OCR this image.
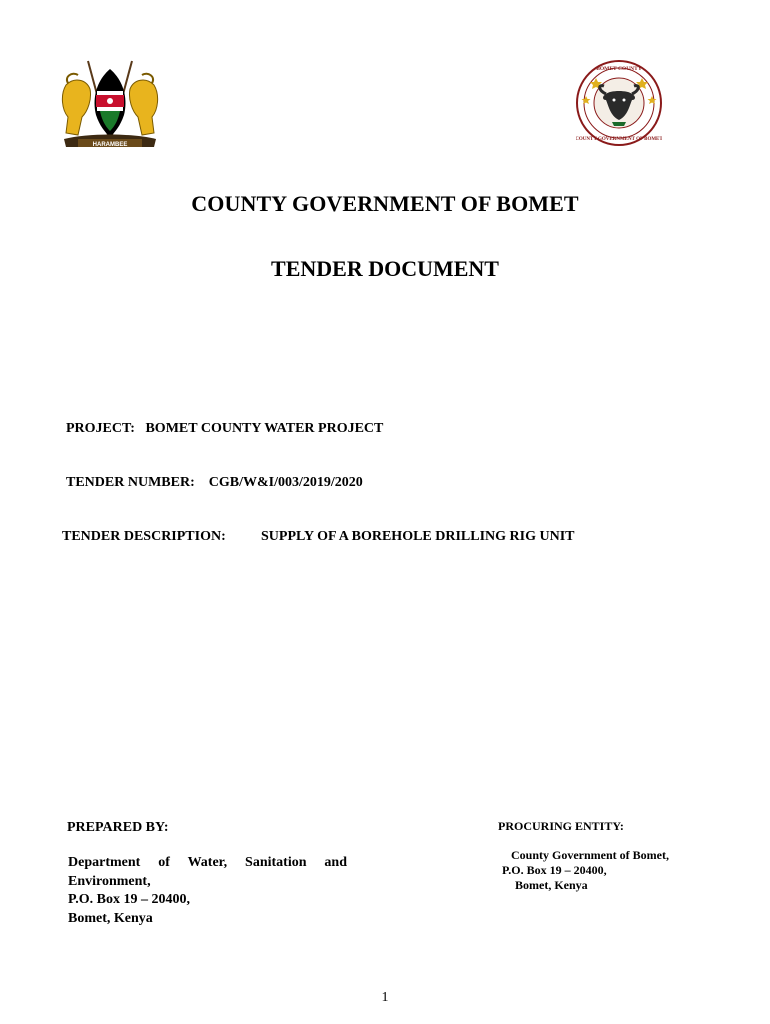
HARAMBEE
BOMET COUNTY
COUNTY GOVERNMENT OF BOMET
COUNTY GOVERNMENT OF BOMET
TENDER DOCUMENT
PROJECT: BOMET COUNTY WATER PROJECT
TENDER NUMBER: CGB/W&I/003/2019/2020
TENDER DESCRIPTION:	SUPPLY OF A BOREHOLE DRILLING RIG UNIT
PREPARED BY:
Department of Water, Sanitation and
Environment,
P.O. Box 19 – 20400,
Bomet, Kenya
PROCURING ENTITY:
County Government of Bomet,
P.O. Box 19 – 20400,
Bomet, Kenya
1
